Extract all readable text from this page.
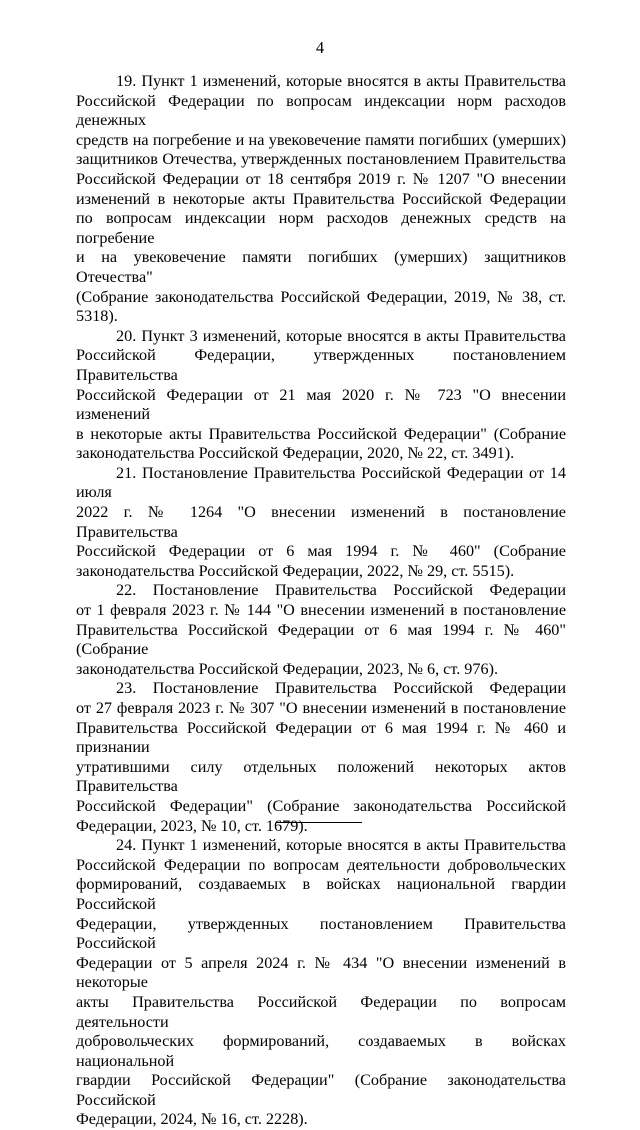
4
19. Пункт 1 изменений, которые вносятся в акты Правительства
Российской Федерации по вопросам индексации норм расходов денежных
средств на погребение и на увековечение памяти погибших (умерших)
защитников Отечества, утвержденных постановлением Правительства
Российской Федерации от 18 сентября 2019 г. № 1207 "О внесении
изменений в некоторые акты Правительства Российской Федерации
по вопросам индексации норм расходов денежных средств на погребение
и на увековечение памяти погибших (умерших) защитников Отечества"
(Собрание законодательства Российской Федерации, 2019, № 38, ст. 5318).
20. Пункт 3 изменений, которые вносятся в акты Правительства
Российской Федерации, утвержденных постановлением Правительства
Российской Федерации от 21 мая 2020 г. № 723 "О внесении изменений
в некоторые акты Правительства Российской Федерации" (Собрание
законодательства Российской Федерации, 2020, № 22, ст. 3491).
21. Постановление Правительства Российской Федерации от 14 июля
2022 г. № 1264 "О внесении изменений в постановление Правительства
Российской Федерации от 6 мая 1994 г. № 460" (Собрание
законодательства Российской Федерации, 2022, № 29, ст. 5515).
22. Постановление Правительства Российской Федерации
от 1 февраля 2023 г. № 144 "О внесении изменений в постановление
Правительства Российской Федерации от 6 мая 1994 г. № 460" (Собрание
законодательства Российской Федерации, 2023, № 6, ст. 976).
23. Постановление Правительства Российской Федерации
от 27 февраля 2023 г. № 307 "О внесении изменений в постановление
Правительства Российской Федерации от 6 мая 1994 г. № 460 и признании
утратившими силу отдельных положений некоторых актов Правительства
Российской Федерации" (Собрание законодательства Российской
Федерации, 2023, № 10, ст. 1679).
24. Пункт 1 изменений, которые вносятся в акты Правительства
Российской Федерации по вопросам деятельности добровольческих
формирований, создаваемых в войсках национальной гвардии Российской
Федерации, утвержденных постановлением Правительства Российской
Федерации от 5 апреля 2024 г. № 434 "О внесении изменений в некоторые
акты Правительства Российской Федерации по вопросам деятельности
добровольческих формирований, создаваемых в войсках национальной
гвардии Российской Федерации" (Собрание законодательства Российской
Федерации, 2024, № 16, ст. 2228).
